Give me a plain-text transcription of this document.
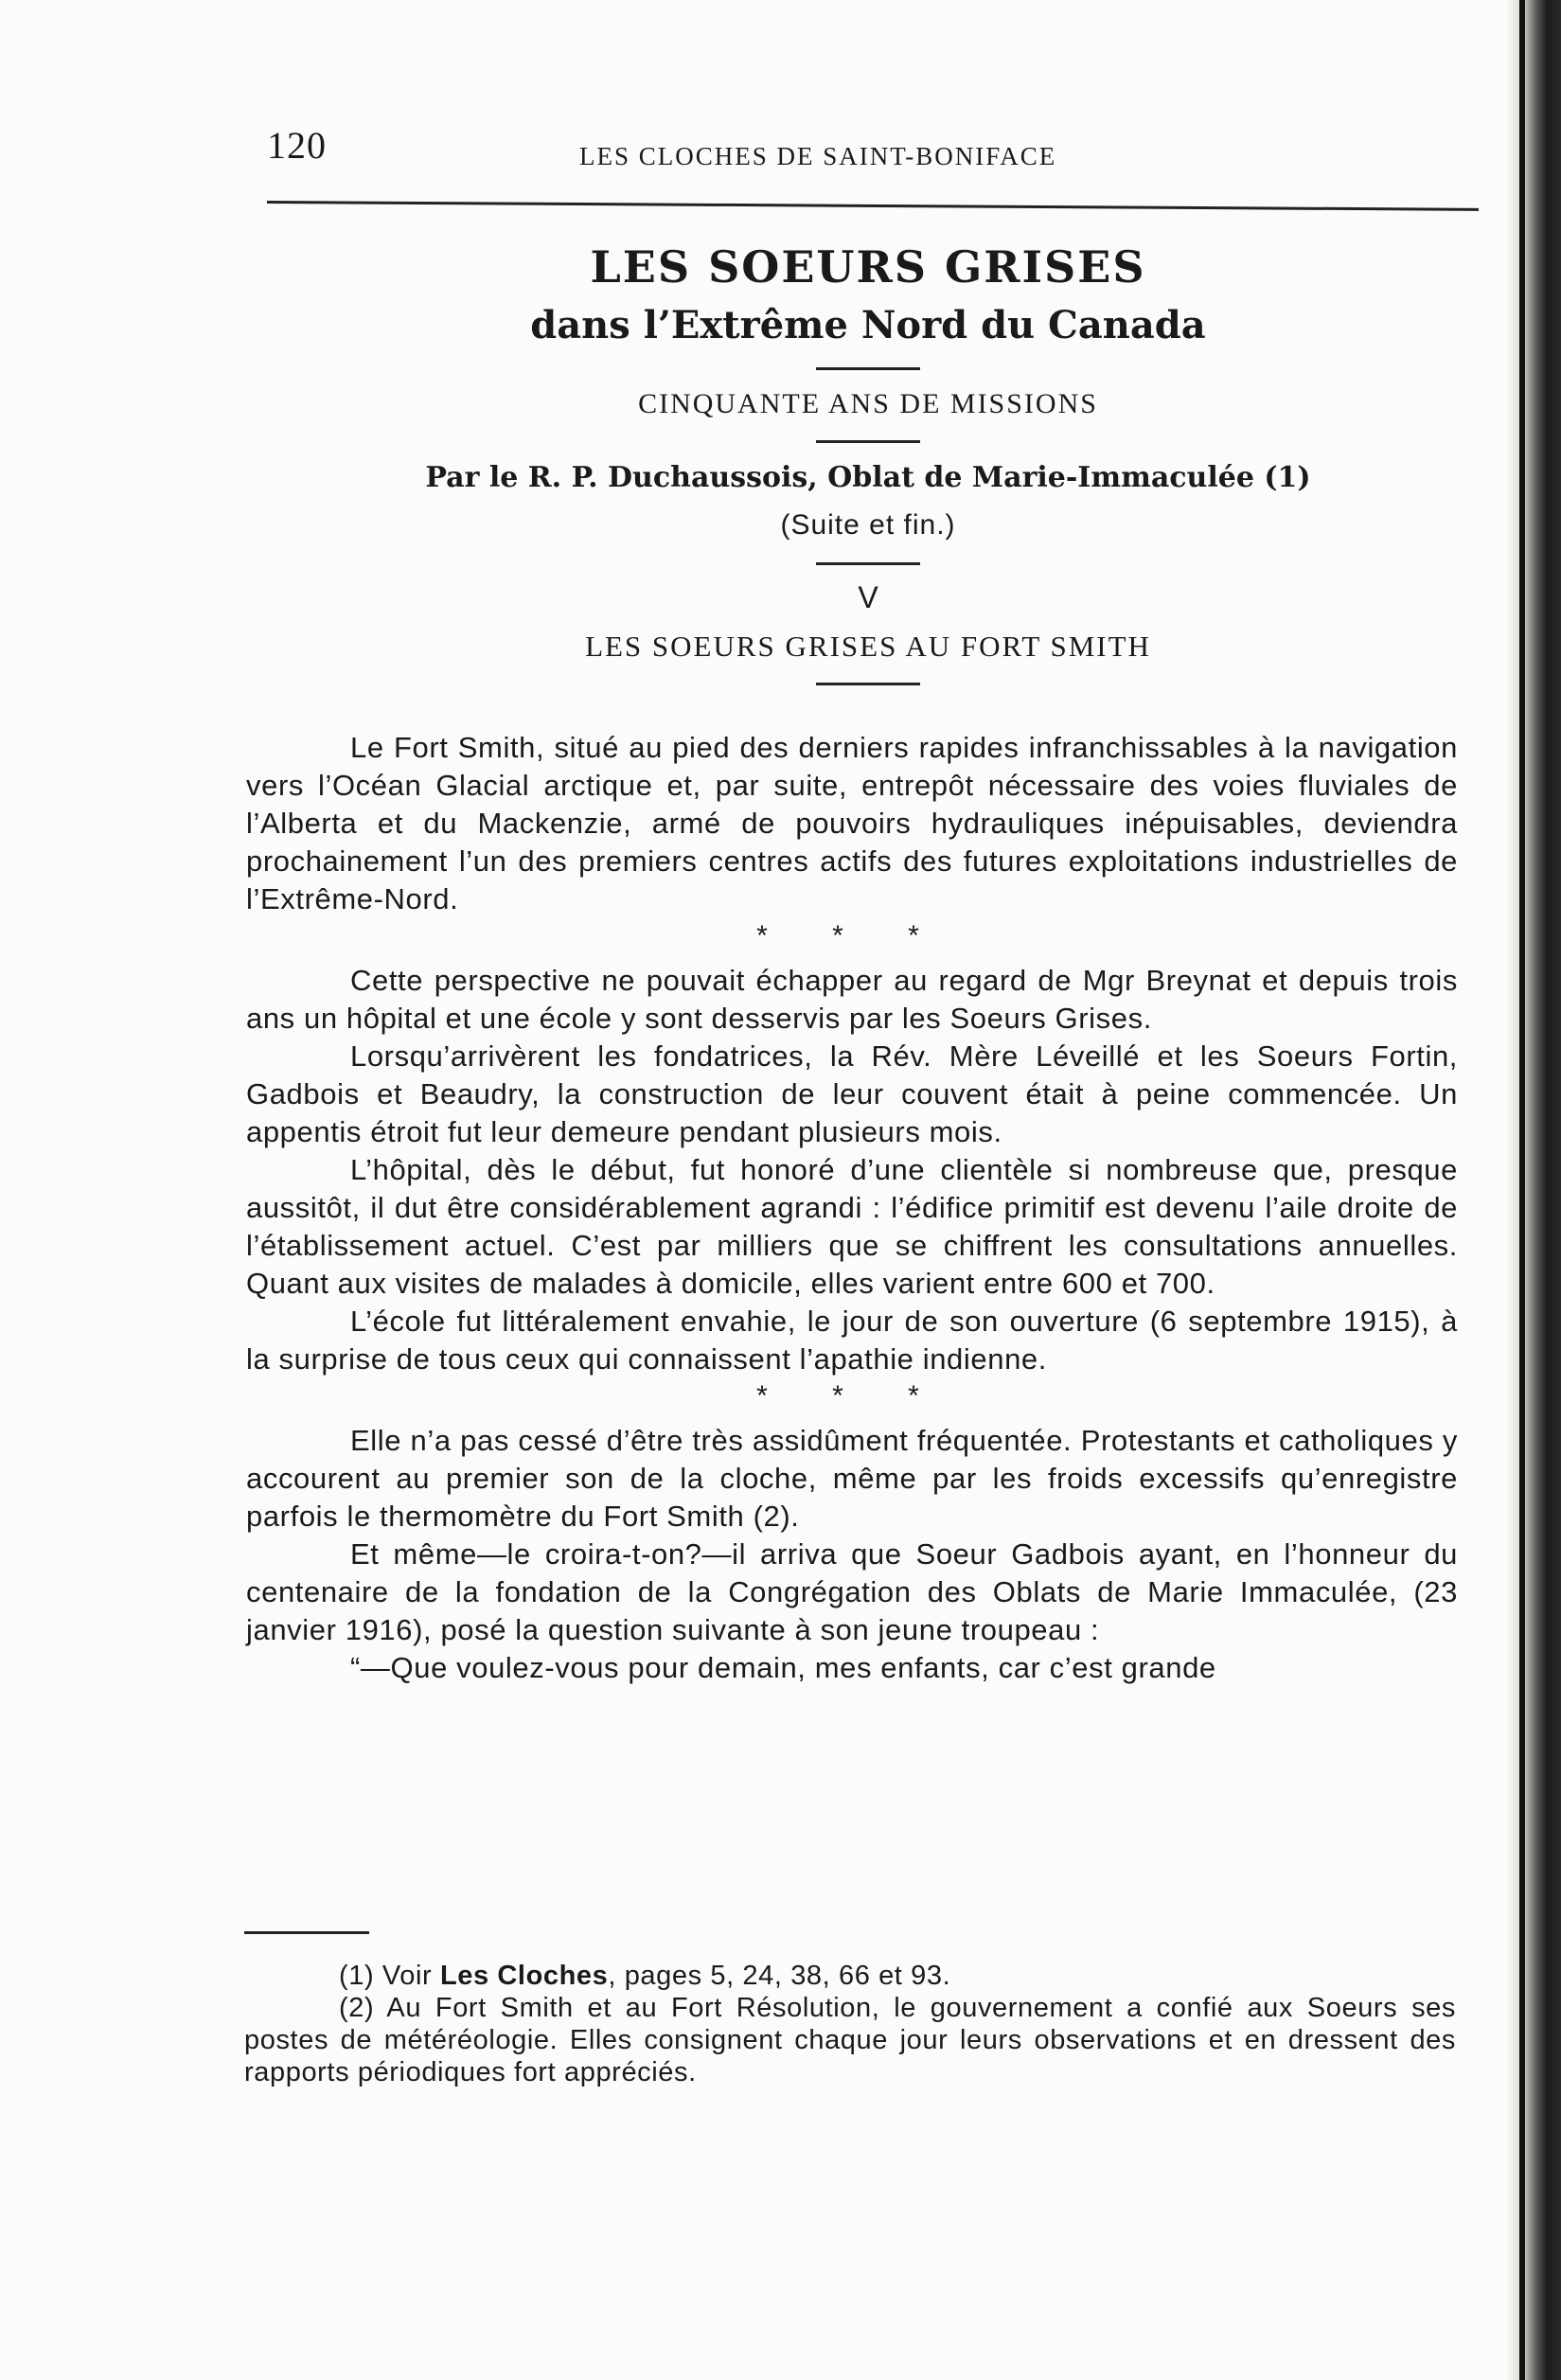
120	LES CLOCHES DE SAINT-BONIFACE
LES SOEURS GRISES
dans l’Extrême Nord du Canada
CINQUANTE ANS DE MISSIONS
Par le R. P. Duchaussois, Oblat de Marie-Immaculée (1)
(Suite et fin.)
V
LES SOEURS GRISES AU FORT SMITH

Le Fort Smith, situé au pied des derniers rapides infranchissables à la navigation vers l’Océan Glacial arctique et, par suite, entrepôt nécessaire des voies fluviales de l’Alberta et du Mackenzie, armé de pouvoirs hydrauliques inépuisables, deviendra prochainement l’un des premiers centres actifs des futures exploitations industrielles de l’Extrême-Nord.

* * *

Cette perspective ne pouvait échapper au regard de Mgr Breynat et depuis trois ans un hôpital et une école y sont desservis par les Soeurs Grises.

Lorsqu’arrivèrent les fondatrices, la Rév. Mère Léveillé et les Soeurs Fortin, Gadbois et Beaudry, la construction de leur couvent était à peine commencée. Un appentis étroit fut leur demeure pendant plusieurs mois.

L’hôpital, dès le début, fut honoré d’une clientèle si nombreuse que, presque aussitôt, il dut être considérablement agrandi : l’édifice primitif est devenu l’aile droite de l’établissement actuel. C’est par milliers que se chiffrent les consultations annuelles. Quant aux visites de malades à domicile, elles varient entre 600 et 700.

L’école fut littéralement envahie, le jour de son ouverture (6 septembre 1915), à la surprise de tous ceux qui connaissent l’apathie indienne.

* * *

Elle n’a pas cessé d’être très assidûment fréquentée. Protestants et catholiques y accourent au premier son de la cloche, même par les froids excessifs qu’enregistre parfois le thermomètre du Fort Smith (2).

Et même—le croira-t-on?—il arriva que Soeur Gadbois ayant, en l’honneur du centenaire de la fondation de la Congrégation des Oblats de Marie Immaculée, (23 janvier 1916), posé la question suivante à son jeune troupeau :

“—Que voulez-vous pour demain, mes enfants, car c’est grande

(1) Voir Les Cloches, pages 5, 24, 38, 66 et 93.

(2) Au Fort Smith et au Fort Résolution, le gouvernement a confié aux Soeurs ses postes de météréologie. Elles consignent chaque jour leurs observations et en dressent des rapports périodiques fort appréciés.
